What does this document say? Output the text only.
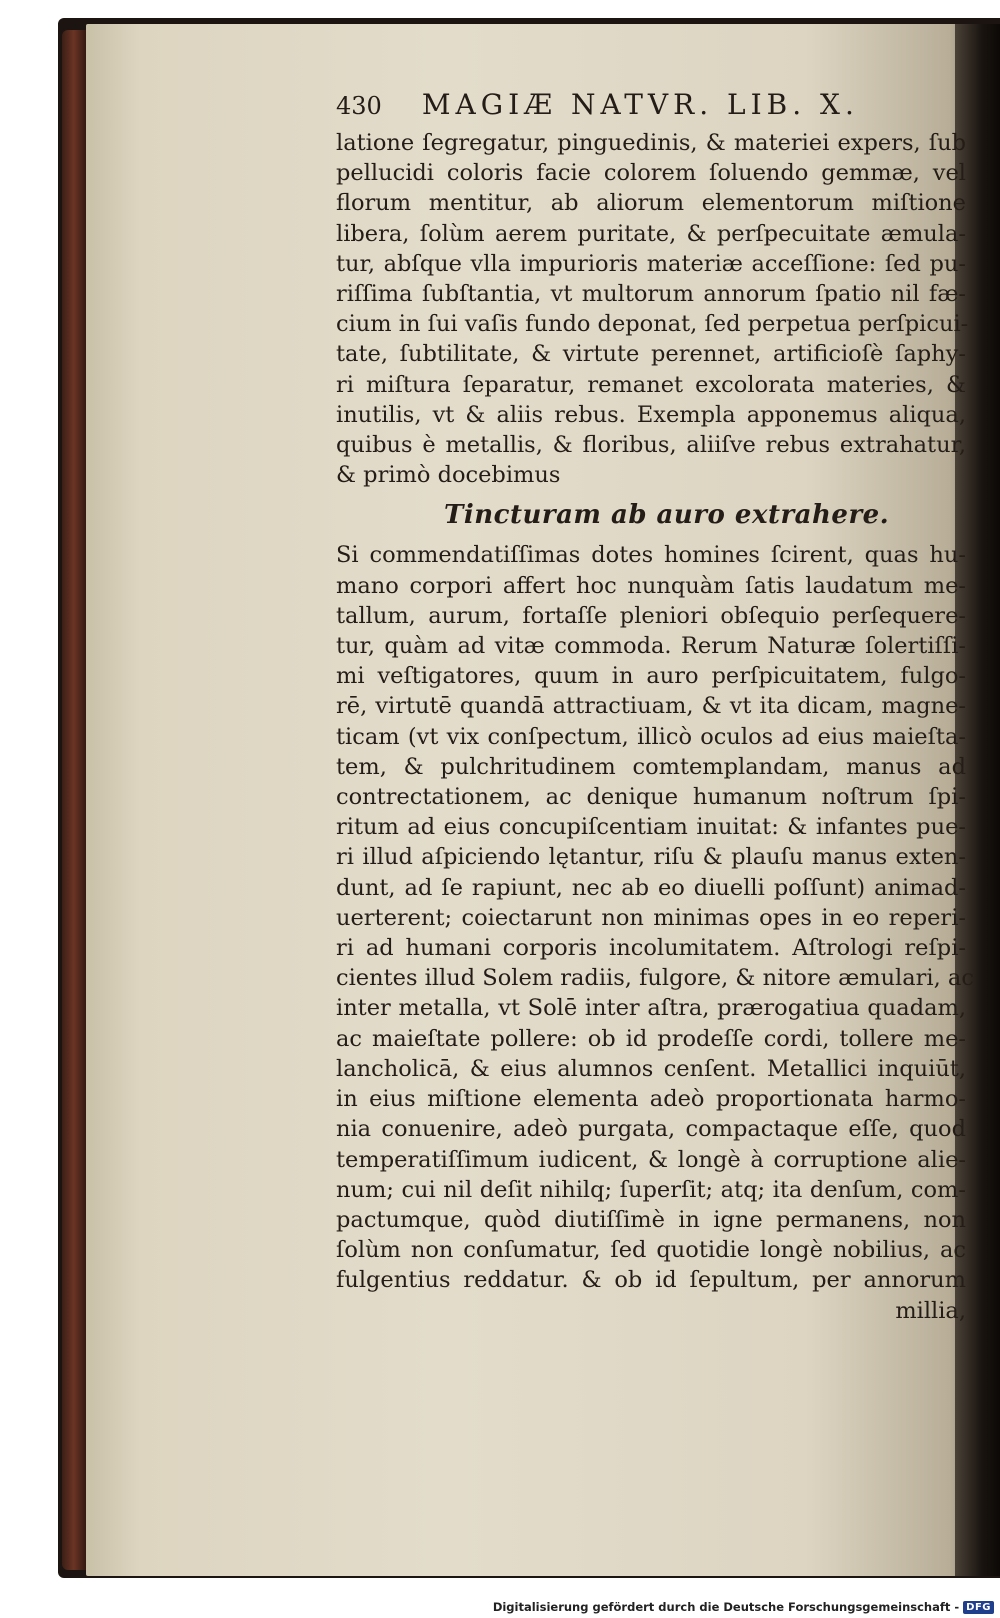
430 MAGIÆ NATVR. LIB. X.
latione ſegregatur, pinguedinis, & materiei expers, ſub
pellucidi coloris facie colorem ſoluendo gemmæ, vel
florum mentitur, ab aliorum elementorum miſtione
libera, ſolùm aerem puritate, & perſpecuitate æmula-
tur, abſque vlla impurioris materiæ acceſſione: ſed pu-
riſſima ſubſtantia, vt multorum annorum ſpatio nil fæ-
cium in ſui vaſis fundo deponat, ſed perpetua perſpicui-
tate, ſubtilitate, & virtute perennet, artificioſè ſaphy-
ri miſtura ſeparatur, remanet excolorata materies, &
inutilis, vt & aliis rebus. Exempla apponemus aliqua,
quibus è metallis, & floribus, aliiſve rebus extrahatur,
& primò docebimus
Tincturam ab auro extrahere.
Si commendatiſſimas dotes homines ſcirent, quas hu-
mano corpori affert hoc nunquàm ſatis laudatum me-
tallum, aurum, fortaſſe pleniori obſequio perſequere-
tur, quàm ad vitæ commoda. Rerum Naturæ ſolertiſſi-
mi veſtigatores, quum in auro perſpicuitatem, fulgo-
rē, virtutē quandā attractiuam, & vt ita dicam, magne-
ticam (vt vix conſpectum, illicò oculos ad eius maieſta-
tem, & pulchritudinem comtemplandam, manus ad
contrectationem, ac denique humanum noſtrum ſpi-
ritum ad eius concupiſcentiam inuitat: & infantes pue-
ri illud aſpiciendo lętantur, riſu & plauſu manus exten-
dunt, ad ſe rapiunt, nec ab eo diuelli poſſunt) animad-
uerterent; coiectarunt non minimas opes in eo reperi-
ri ad humani corporis incolumitatem. Aſtrologi reſpi-
cientes illud Solem radiis, fulgore, & nitore æmulari, ac
inter metalla, vt Solē inter aſtra, prærogatiua quadam,
ac maieſtate pollere: ob id prodeſſe cordi, tollere me-
lancholicā, & eius alumnos cenſent. Metallici inquiūt,
in eius miſtione elementa adeò proportionata harmo-
nia conuenire, adeò purgata, compactaque eſſe, quod
temperatiſſimum iudicent, & longè à corruptione alie-
num; cui nil deſit nihilq; ſuperſit; atq; ita denſum, com-
pactumque, quòd diutiſſimè in igne permanens, non
ſolùm non conſumatur, ſed quotidie longè nobilius, ac
fulgentius reddatur. & ob id ſepultum, per annorum
millia,
Digitalisierung gefördert durch die Deutsche Forschungsgemeinschaft - DFG
